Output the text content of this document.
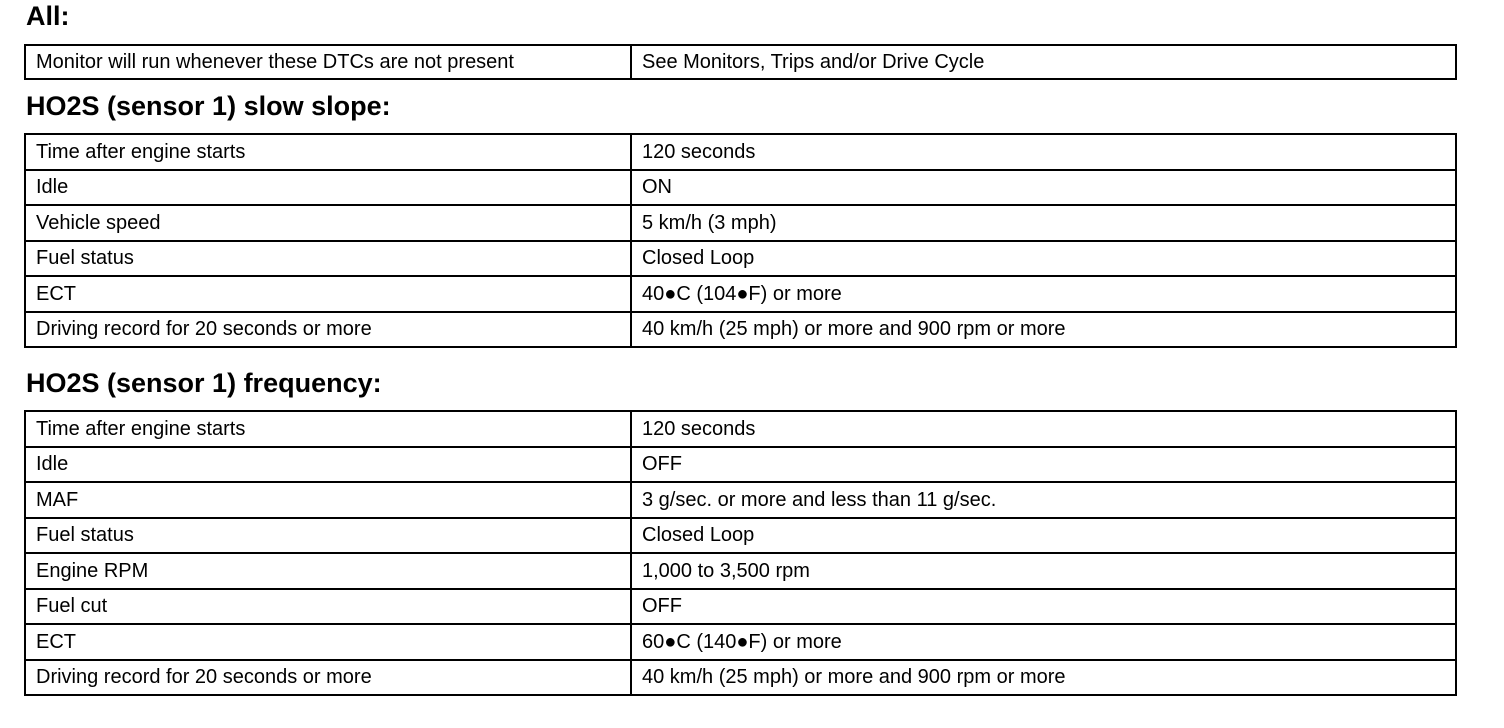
All:
Monitor will run whenever these DTCs are not present	See Monitors, Trips and/or Drive Cycle
HO2S (sensor 1) slow slope:
Time after engine starts	120 seconds
Idle	ON
Vehicle speed	5 km/h (3 mph)
Fuel status	Closed Loop
ECT	40●C (104●F) or more
Driving record for 20 seconds or more	40 km/h (25 mph) or more and 900 rpm or more
HO2S (sensor 1) frequency:
Time after engine starts	120 seconds
Idle	OFF
MAF	3 g/sec. or more and less than 11 g/sec.
Fuel status	Closed Loop
Engine RPM	1,000 to 3,500 rpm
Fuel cut	OFF
ECT	60●C (140●F) or more
Driving record for 20 seconds or more	40 km/h (25 mph) or more and 900 rpm or more
